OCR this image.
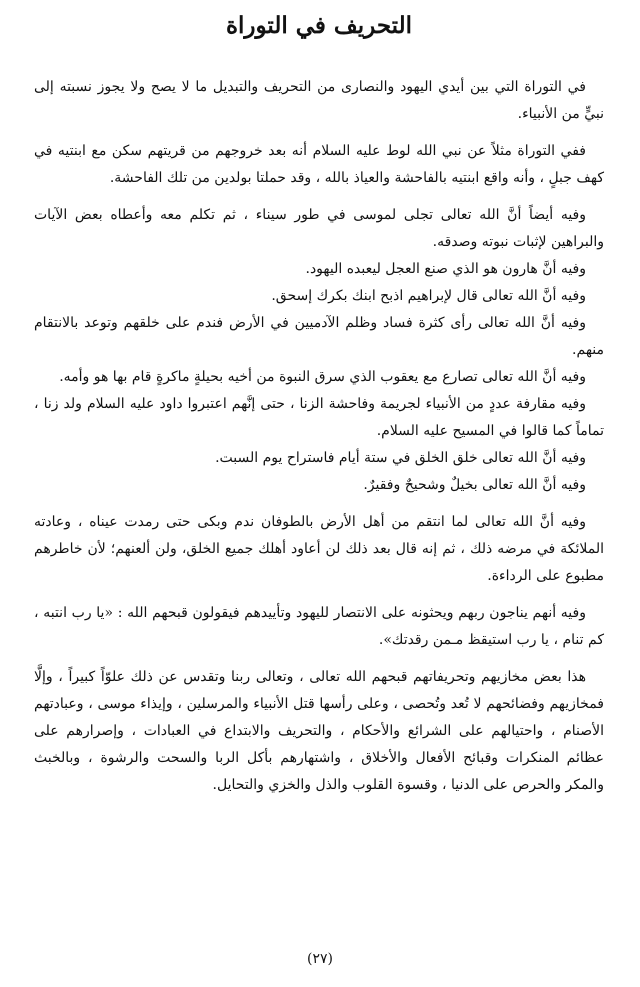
التحريف في التوراة

في التوراة التي بين أيدي اليهود والنصارى من التحريف والتبديل ما لا يصح ولا يجوز نسبته إلى نبيٍّ من الأنبياء.

ففي التوراة مثلاً عن نبي الله لوط عليه السلام أنه بعد خروجهم من قريتهم سكن مع ابنتيه في كهف جبلٍ ، وأنه واقع ابنتيه بالفاحشة والعياذ بالله ، وقد حملتا بولدين من تلك الفاحشة.

وفيه أيضاً أنَّ الله تعالى تجلى لموسى في طور سيناء ، ثم تكلم معه وأعطاه بعض الآيات والبراهين لإثبات نبوته وصدقه.

وفيه أنَّ هارون هو الذي صنع العجل ليعبده اليهود.

وفيه أنَّ الله تعالى قال لإبراهيم اذبح ابنك بكرك إسحق.

وفيه أنَّ الله تعالى رأى كثرة فساد وظلم الآدميين في الأرض فندم على خلقهم وتوعد بالانتقام منهم.

وفيه أنَّ الله تعالى تصارع مع يعقوب الذي سرق النبوة من أخيه بحيلةٍ ماكرةٍ قام بها هو وأمه.

وفيه مقارفة عددٍ من الأنبياء لجريمة وفاحشة الزنا ، حتى إنَّهم اعتبروا داود عليه السلام ولد زنا ، تماماً كما قالوا في المسيح عليه السلام.

وفيه أنَّ الله تعالى خلق الخلق في ستة أيام فاستراح يوم السبت.

وفيه أنَّ الله تعالى بخيلٌ وشحيحٌ وفقيرٌ.

وفيه أنَّ الله تعالى لما انتقم من أهل الأرض بالطوفان ندم وبكى حتى رمدت عيناه ، وعادته الملائكة في مرضه ذلك ، ثم إنه قال بعد ذلك لن أعاود أهلك جميع الخلق، ولن ألعنهم؛ لأن خاطرهم مطبوع على الرداءة.

وفيه أنهم يناجون ربهم ويحثونه على الانتصار لليهود وتأييدهم فيقولون قبحهم الله : «يا رب انتبه ، كم تنام ، يا رب استيقظ مـمن رقدتك».

هذا بعض مخازيهم وتحريفاتهم قبحهم الله تعالى ، وتعالى ربنا وتقدس عن ذلك علوّاً كبيراً ، وإلَّا فمخازيهم وفضائحهم لا تُعد وتُحصى ، وعلى رأسها قتل الأنبياء والمرسلين ، وإيذاء موسى ، وعبادتهم الأصنام ، واحتيالهم على الشرائع والأحكام ، والتحريف والابتداع في العبادات ، وإصرارهم على عظائم المنكرات وقبائح الأفعال والأخلاق ، واشتهارهم بأكل الربا والسحت والرشوة ، وبالخبث والمكر والحرص على الدنيا ، وقسوة القلوب والذل والخزي والتحايل.

(٢٧)
